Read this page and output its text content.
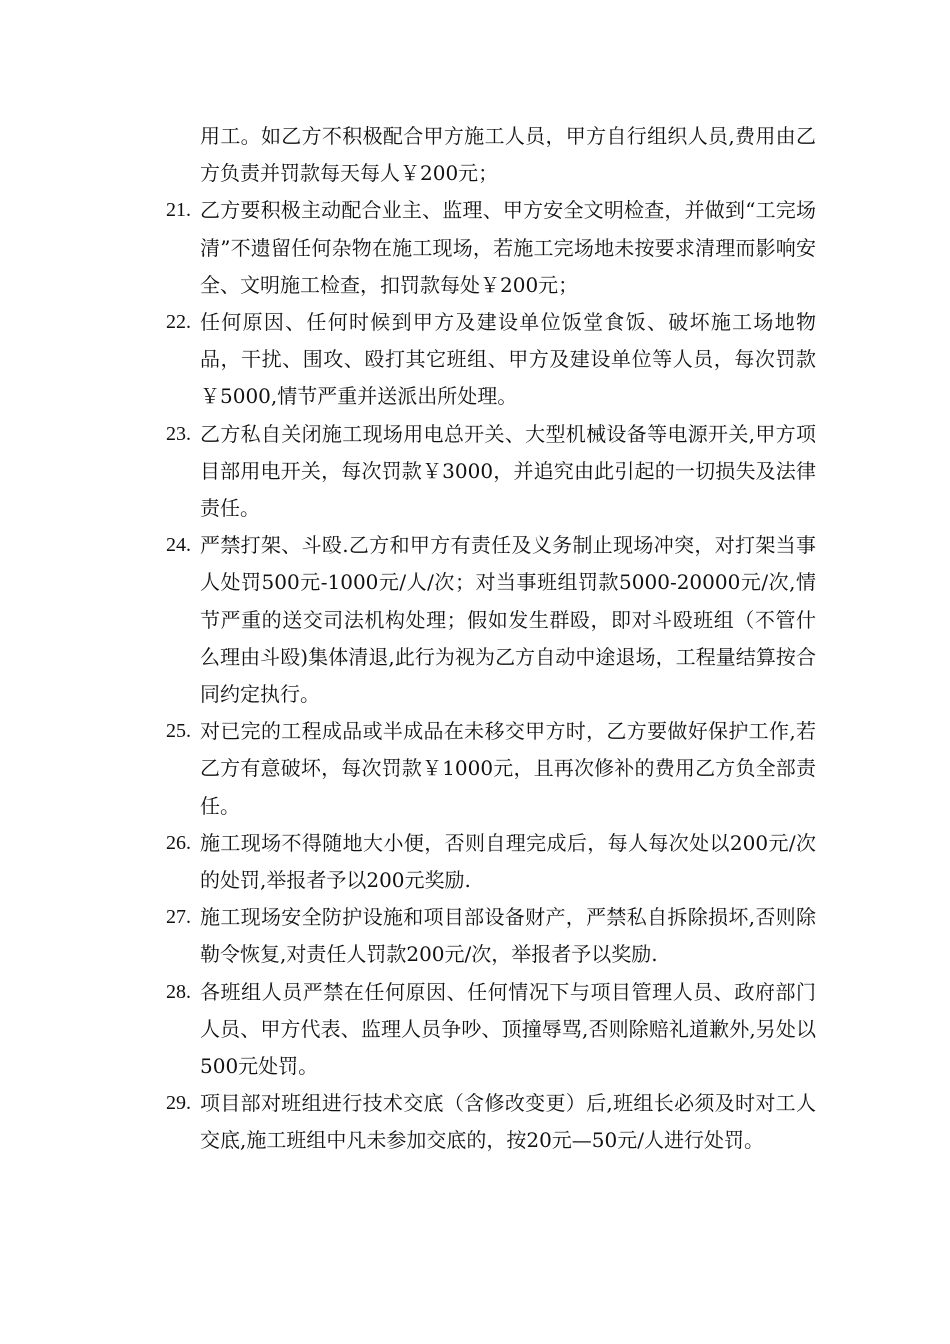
用工。如乙方不积极配合甲方施工人员，甲方自行组织人员,费用由乙方负责并罚款每天每人￥200元；

21. 乙方要积极主动配合业主、监理、甲方安全文明检查，并做到“工完场清”不遗留任何杂物在施工现场，若施工完场地未按要求清理而影响安全、文明施工检查，扣罚款每处￥200元；
22. 任何原因、任何时候到甲方及建设单位饭堂食饭、破坏施工场地物品，干扰、围攻、殴打其它班组、甲方及建设单位等人员，每次罚款￥5000,情节严重并送派出所处理。
23. 乙方私自关闭施工现场用电总开关、大型机械设备等电源开关,甲方项目部用电开关，每次罚款￥3000，并追究由此引起的一切损失及法律责任。
24. 严禁打架、斗殴.乙方和甲方有责任及义务制止现场冲突，对打架当事人处罚500元-1000元/人/次；对当事班组罚款5000-20000元/次,情节严重的送交司法机构处理；假如发生群殴，即对斗殴班组（不管什么理由斗殴)集体清退,此行为视为乙方自动中途退场，工程量结算按合同约定执行。
25. 对已完的工程成品或半成品在未移交甲方时，乙方要做好保护工作,若乙方有意破坏，每次罚款￥1000元，且再次修补的费用乙方负全部责任。
26. 施工现场不得随地大小便，否则自理完成后，每人每次处以200元/次的处罚,举报者予以200元奖励.
27. 施工现场安全防护设施和项目部设备财产，严禁私自拆除损坏,否则除勒令恢复,对责任人罚款200元/次，举报者予以奖励.
28. 各班组人员严禁在任何原因、任何情况下与项目管理人员、政府部门人员、甲方代表、监理人员争吵、顶撞辱骂,否则除赔礼道歉外,另处以500元处罚。
29. 项目部对班组进行技术交底（含修改变更）后,班组长必须及时对工人交底,施工班组中凡未参加交底的，按20元—50元/人进行处罚。
